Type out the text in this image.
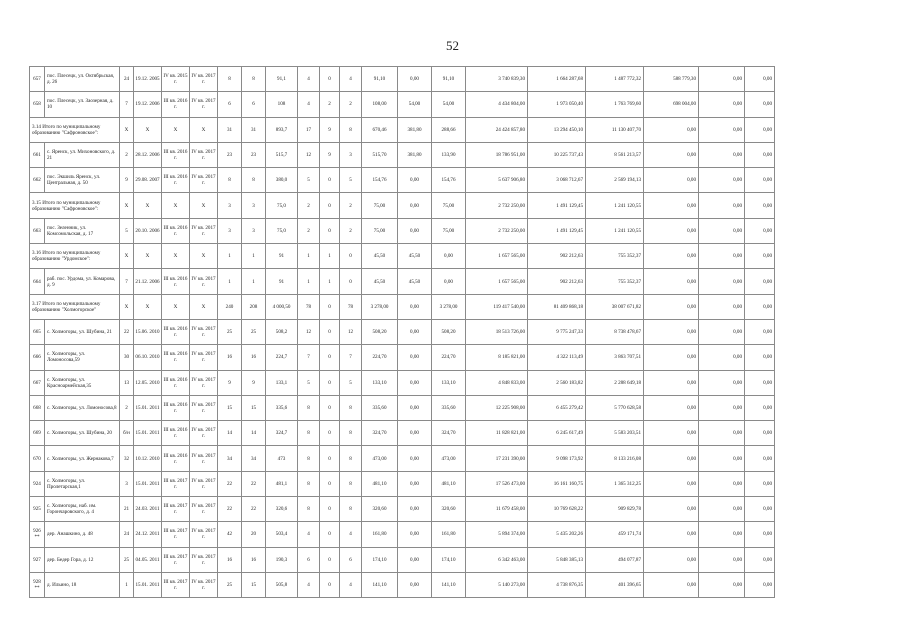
52
657	пос. Плесецк, ул. Октябрьская, д. 26	24	19.12. 2005	IV кв. 2015 г.	IV кв. 2017 г.	8	8	91,1	4	0	4	91,10	0,00	91,10	3 740 839,30	1 664 287,68	1 487 772,32	588 779,30	0,00	0,00
658	пос. Плесецк, ул. Заозерная, д. 10	7	19.12. 2006	III кв. 2016 г.	IV кв. 2017 г.	6	6	108	4	2	2	108,00	54,00	54,00	4 434 804,00	1 973 050,40	1 763 769,60	698 004,00	0,00	0,00
3.14 Итого по муниципальному образованию "Сафроновское":		X	X	X	X	31	31	893,7	17	9	8	670,46	381,80	288,66	24 424 857,80	13 294 450,10	11 130 407,70	0,00	0,00	0,00
661	с. Яренск, ул. Михоновского, д. 21	2	28.12. 2006	III кв. 2016 г.	IV кв. 2017 г.	23	23	515,7	12	9	3	515,70	381,80	133,90	18 786 951,00	10 225 737,43	8 561 213,57	0,00	0,00	0,00
662	пос. Экшиль Яренск, ул. Центральная, д. 50	9	29.08. 2007	III кв. 2016 г.	IV кв. 2017 г.	8	8	380,0	5	0	5	154,76	0,00	154,76	5 637 906,80	3 068 712,67	2 569 194,13	0,00	0,00	0,00
3.15 Итого по муниципальному образованию "Сафроновское":		X	X	X	X	3	3	75,0	2	0	2	75,00	0,00	75,00	2 732 250,00	1 491 129,45	1 241 120,55	0,00	0,00	0,00
663	пос. Зеленник, ул. Комсомольская, д. 17	5	20.10. 2006	III кв. 2016 г.	IV кв. 2017 г.	3	3	75,0	2	0	2	75,00	0,00	75,00	2 732 250,00	1 491 129,45	1 241 120,55	0,00	0,00	0,00
3.16 Итого по муниципальному образованию "Урдомское":		X	X	X	X	1	1	91	1	1	0	45,50	45,50	0,00	1 657 565,00	902 212,63	755 352,37	0,00	0,00	0,00
664	раб. пос. Урдома, ул. Комарова, д. 9	7	21.12. 2006	III кв. 2016 г.	IV кв. 2017 г.	1	1	91	1	1	0	45,50	45,50	0,00	1 657 565,00	902 212,63	755 352,37	0,00	0,00	0,00
3.17 Итого по муниципальному образованию "Холмогорское"		X	X	X	X	240	208	4 000,50	78	0	78	3 278,00	0,00	3 278,00	119 417 540,00	81 409 868,18	38 007 671,82	0,00	0,00	0,00
665	с. Холмогоры, ул. Шубина, 21	22	15.06. 2010	III кв. 2016 г.	IV кв. 2017 г.	25	25	508,2	12	0	12	508,20	0,00	508,20	18 513 726,00	9 775 247,33	8 738 478,67	0,00	0,00	0,00
666	с. Холмогоры, ул. Ломоносова,59	30	06.10. 2010	III кв. 2016 г.	IV кв. 2017 г.	16	16	224,7	7	0	7	224,70	0,00	224,70	8 185 821,00	4 322 113,49	3 863 707,51	0,00	0,00	0,00
667	с. Холмогоры, ул. Красноармейская,35	13	12.05. 2010	III кв. 2016 г.	IV кв. 2017 г.	9	9	133,1	5	0	5	133,10	0,00	133,10	4 848 833,00	2 560 183,82	2 288 649,18	0,00	0,00	0,00
668	с. Холмогоры, ул. Ломоносова,8	2	15.01. 2011	III кв. 2016 г.	IV кв. 2017 г.	15	15	335,6	8	0	8	335,60	0,00	335,60	12 225 908,00	6 455 279,42	5 770 628,58	0,00	0,00	0,00
669	с. Холмогоры, ул. Шубина, 20	б/н	15.01. 2011	III кв. 2016 г.	IV кв. 2017 г.	14	14	324,7	8	0	8	324,70	0,00	324,70	11 828 821,00	6 245 617,49	5 583 203,51	0,00	0,00	0,00
670	с. Холмогоры, ул. Жернакова,7	32	10.12. 2010	III кв. 2016 г.	IV кв. 2017 г.	34	34	473	8	0	8	473,00	0,00	473,00	17 231 390,00	9 098 173,92	8 133 216,08	0,00	0,00	0,00
924	с. Холмогоры, ул. Пролетарская,1	3	15.01. 2011	III кв. 2017 г.	IV кв. 2017 г.	22	22	481,1	8	0	8	481,10	0,00	481,10	17 526 473,00	16 161 160,75	1 365 312,25	0,00	0,00	0,00
925	с. Холмогоры, наб. им. Горончаровского, д. 4	21	24.03. 2011	III кв. 2017 г.	IV кв. 2017 г.	22	22	320,6	8	0	8	320,60	0,00	320,60	11 679 458,00	10 769 628,22	909 829,78	0,00	0,00	0,00
926 **	дер. Анашкино, д. 48	24	24.12. 2011	III кв. 2017 г.	IV кв. 2017 г.	42	20	503,4	4	0	4	161,80	0,00	161,80	5 894 374,00	5 435 202,26	459 171,74	0,00	0,00	0,00
927	дер. Бедер Гора, д. 12	25	04.05. 2011	III кв. 2017 г.	IV кв. 2017 г.	16	16	190,3	6	0	6	174,10	0,00	174,10	6 342 463,00	5 848 385,13	494 077,87	0,00	0,00	0,00
928 **	д. Ильино, 18	1	15.01. 2011	III кв. 2017 г.	IV кв. 2017 г.	25	15	505,8	4	0	4	141,10	0,00	141,10	5 140 273,00	4 738 876,35	401 396,65	0,00	0,00	0,00
